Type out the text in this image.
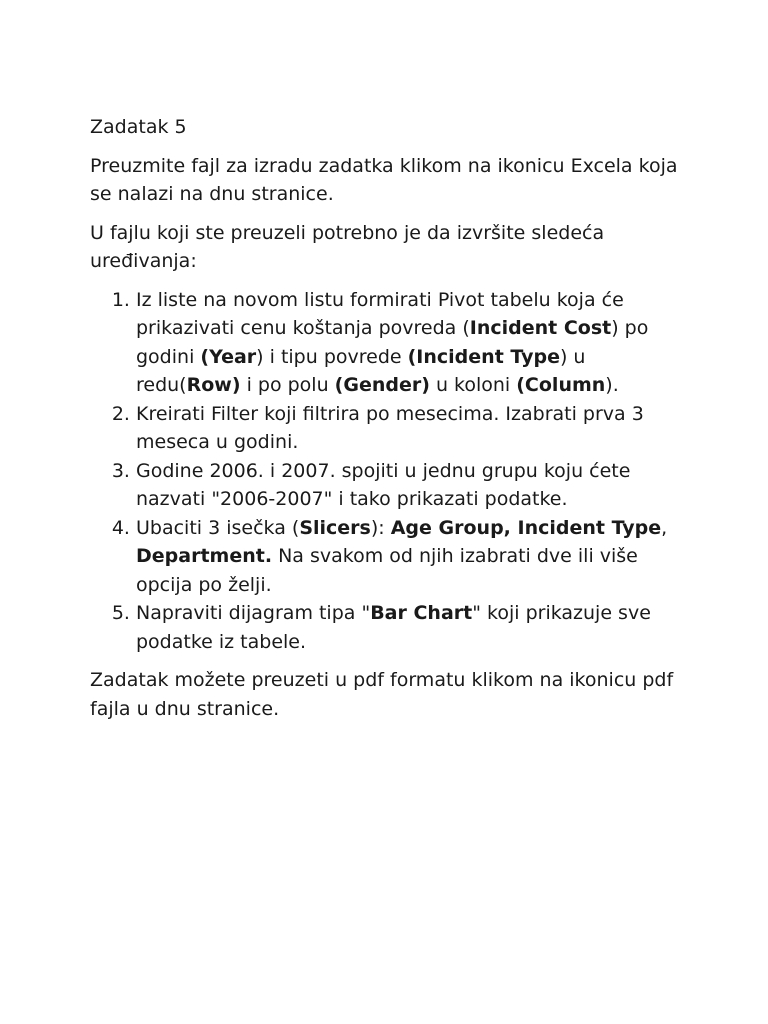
Zadatak 5

Preuzmite fajl za izradu zadatka klikom na ikonicu Excela koja se nalazi na dnu stranice.

U fajlu koji ste preuzeli potrebno je da izvršite sledeća uređivanja:

1. Iz liste na novom listu formirati Pivot tabelu koja će prikazivati cenu koštanja povreda (Incident Cost) po godini (Year) i tipu povrede (Incident Type) u redu(Row) i po polu (Gender) u koloni (Column).
2. Kreirati Filter koji filtrira po mesecima. Izabrati prva 3 meseca u godini.
3. Godine 2006. i 2007. spojiti u jednu grupu koju ćete nazvati "2006-2007" i tako prikazati podatke.
4. Ubaciti 3 isečka (Slicers): Age Group, Incident Type, Department. Na svakom od njih izabrati dve ili više opcija po želji.
5. Napraviti dijagram tipa "Bar Chart" koji prikazuje sve podatke iz tabele.

Zadatak možete preuzeti u pdf formatu klikom na ikonicu pdf fajla u dnu stranice.
